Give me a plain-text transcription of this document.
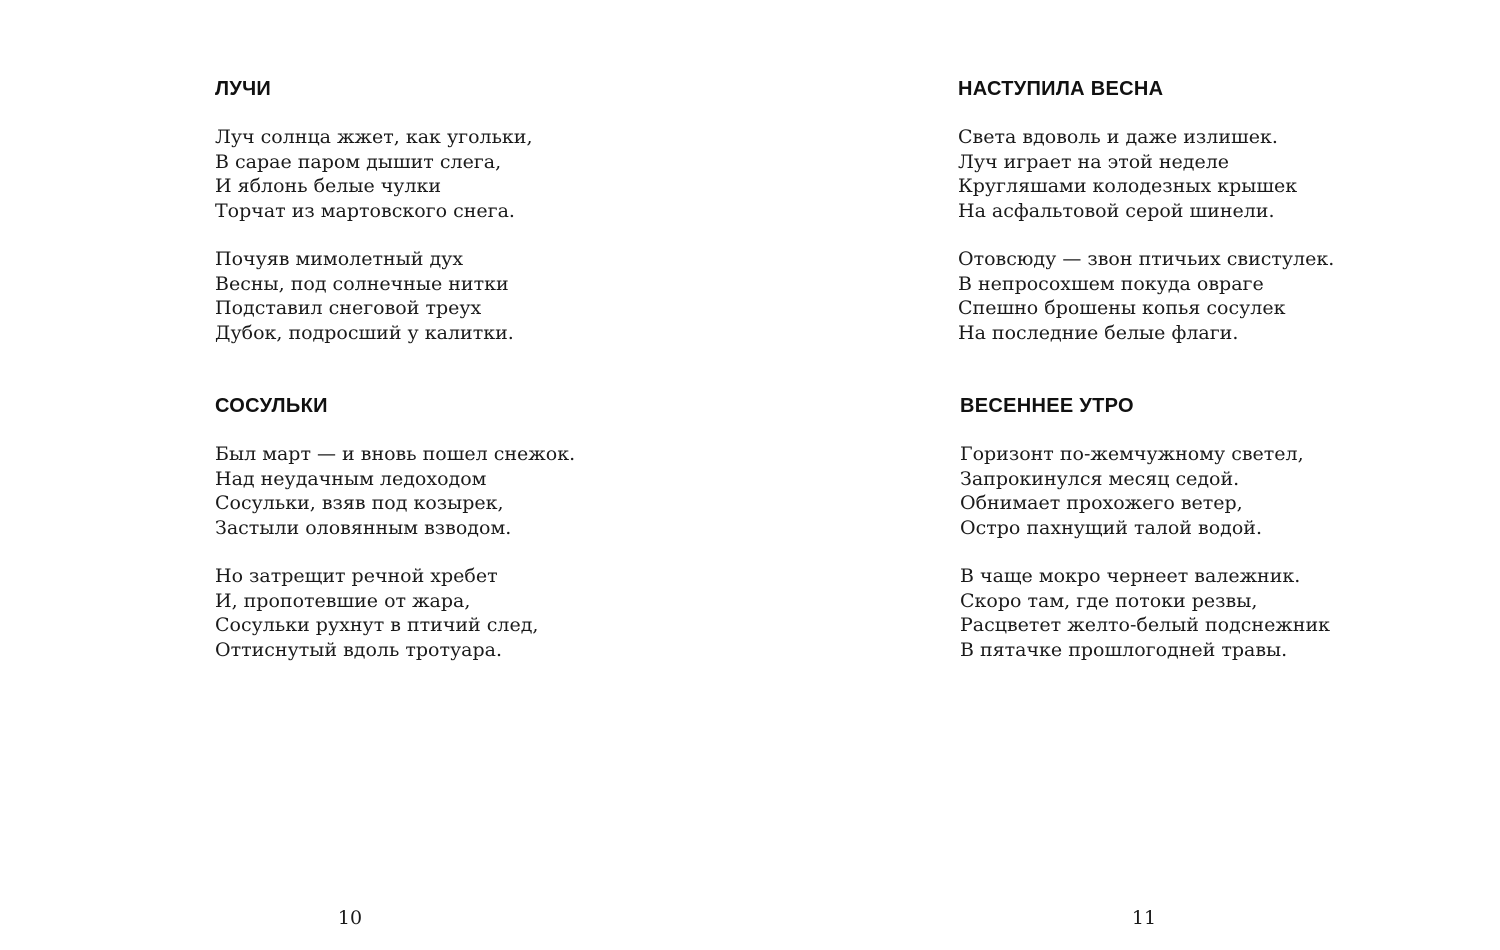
ЛУЧИ
Луч солнца жжет, как угольки,
В сарае паром дышит слега,
И яблонь белые чулки
Торчат из мартовского снега.
Почуяв мимолетный дух
Весны, под солнечные нитки
Подставил снеговой треух
Дубок, подросший у калитки.
СОСУЛЬКИ
Был март — и вновь пошел снежок.
Над неудачным ледоходом
Сосульки, взяв под козырек,
Застыли оловянным взводом.
Но затрещит речной хребет
И, пропотевшие от жара,
Сосульки рухнут в птичий след,
Оттиснутый вдоль тротуара.
10
НАСТУПИЛА ВЕСНА
Света вдоволь и даже излишек.
Луч играет на этой неделе
Кругляшами колодезных крышек
На асфальтовой серой шинели.
Отовсюду — звон птичьих свистулек.
В непросохшем покуда овраге
Спешно брошены копья сосулек
На последние белые флаги.
ВЕСЕННЕЕ УТРО
Горизонт по-жемчужному светел,
Запрокинулся месяц седой.
Обнимает прохожего ветер,
Остро пахнущий талой водой.
В чаще мокро чернеет валежник.
Скоро там, где потоки резвы,
Расцветет желто-белый подснежник
В пятачке прошлогодней травы.
11
